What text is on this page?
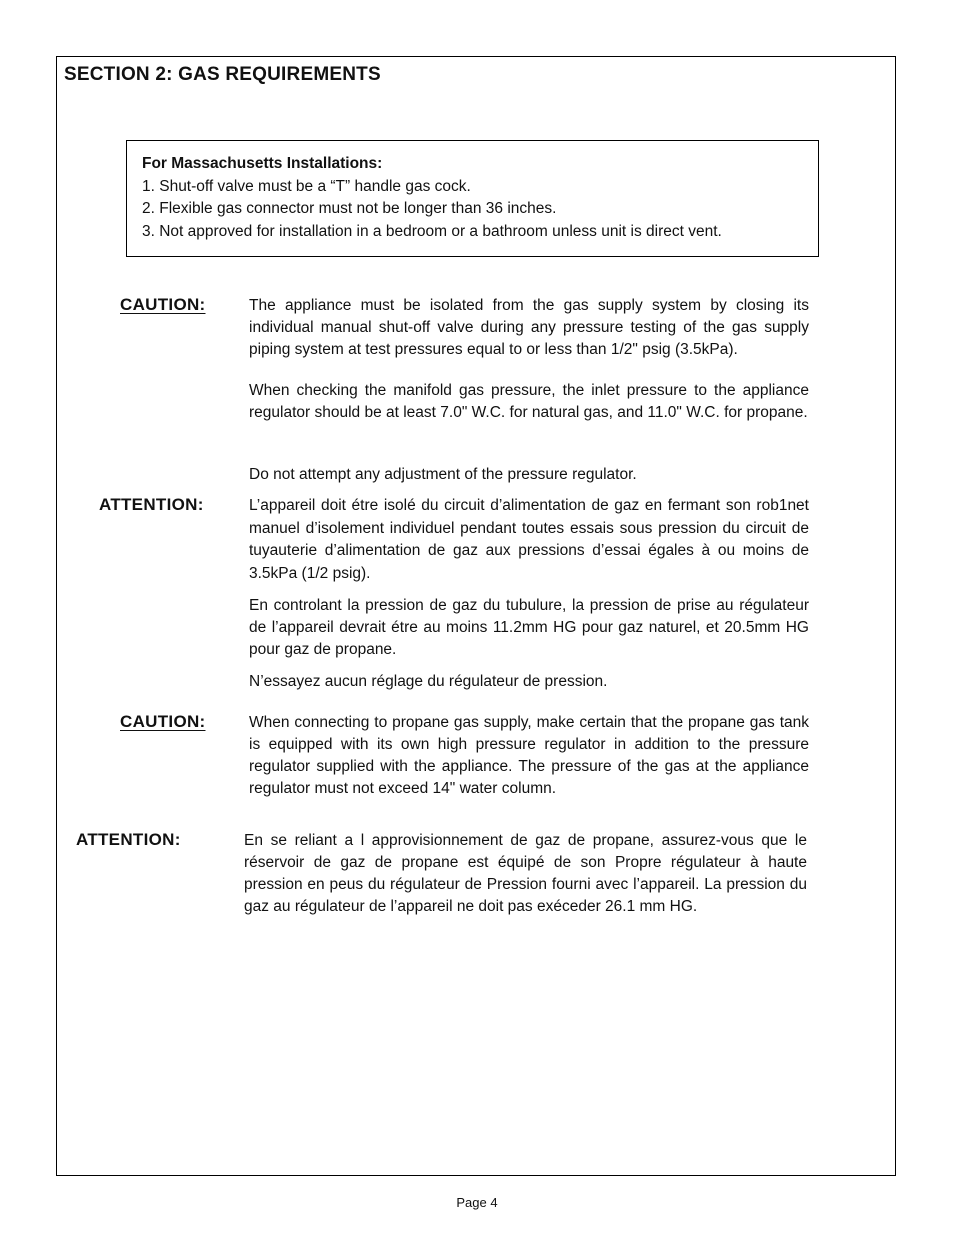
SECTION 2: GAS REQUIREMENTS
For Massachusetts Installations:
1. Shut-off valve must be a “T” handle gas cock.
2. Flexible gas connector must not be longer than 36 inches.
3. Not approved for installation in a bedroom or a bathroom unless unit is direct vent.
CAUTION:	The appliance must be isolated from the gas supply system by closing its individual manual shut-off valve during any pressure testing of the gas supply piping system at test pressures equal to or less than 1/2" psig (3.5kPa).

When checking the manifold gas pressure, the inlet pressure to the appliance regulator should be at least 7.0" W.C. for natural gas, and 11.0" W.C. for propane.

Do not attempt any adjustment of the pressure regulator.

ATTENTION:	L’appareil doit étre isolé du circuit d’alimentation de gaz en fermant son rob1net manuel d’isolement individuel pendant toutes essais sous pression du circuit de tuyauterie d’alimentation de gaz aux pressions d’essai égales à ou moins de 3.5kPa (1/2 psig).

En controlant la pression de gaz du tubulure, la pression de prise au régulateur de l’appareil devrait étre au moins 11.2mm HG pour gaz naturel, et 20.5mm HG pour gaz de propane.

N’essayez aucun réglage du régulateur de pression.

CAUTION:	When connecting to propane gas supply, make certain that the propane gas tank is equipped with its own high pressure regulator in addition to the pressure regulator supplied with the appliance. The pressure of the gas at the appliance regulator must not exceed 14" water column.

ATTENTION:	En se reliant a l approvisionnement de gaz de propane, assurez-vous que le réservoir de gaz de propane est équipé de son Propre régulateur à haute pression en peus du régulateur de Pression fourni avec l’appareil. La pression du gaz au régulateur de l’appareil ne doit pas exéceder 26.1 mm HG.

Page 4
